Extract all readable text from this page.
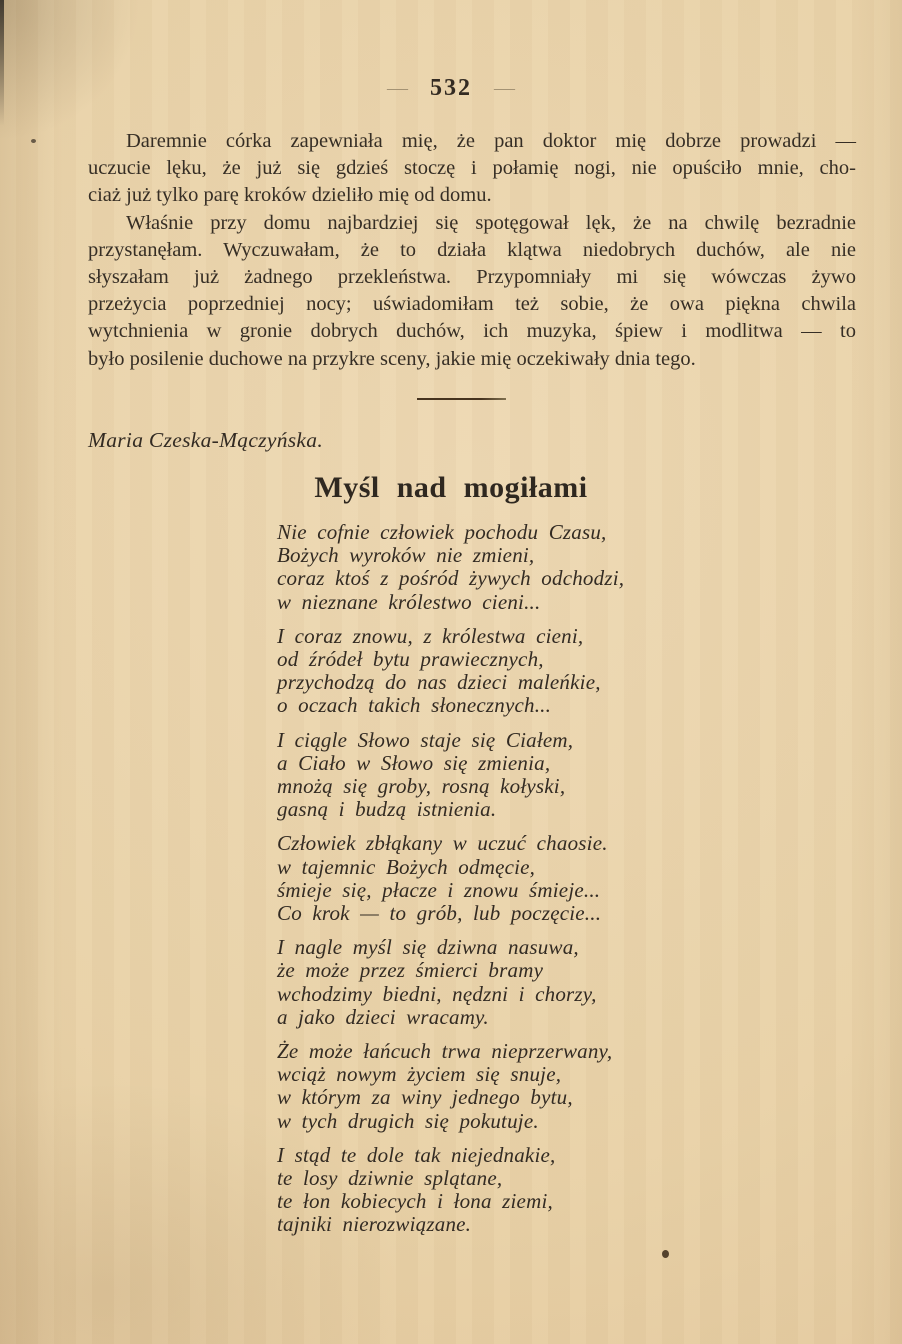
— 532 —
Daremnie córka zapewniała mię, że pan doktor mię dobrze prowadzi —
uczucie lęku, że już się gdzieś stoczę i połamię nogi, nie opuściło mnie, cho-
ciaż już tylko parę kroków dzieliło mię od domu.
Właśnie przy domu najbardziej się spotęgował lęk, że na chwilę bezradnie
przystanęłam. Wyczuwałam, że to działa klątwa niedobrych duchów, ale nie
słyszałam już żadnego przekleństwa. Przypomniały mi się wówczas żywo
przeżycia poprzedniej nocy; uświadomiłam też sobie, że owa piękna chwila
wytchnienia w gronie dobrych duchów, ich muzyka, śpiew i modlitwa — to
było posilenie duchowe na przykre sceny, jakie mię oczekiwały dnia tego.
Maria Czeska-Mączyńska.
Myśl nad mogiłami
Nie cofnie człowiek pochodu Czasu,
Bożych wyroków nie zmieni,
coraz ktoś z pośród żywych odchodzi,
w nieznane królestwo cieni...
I coraz znowu, z królestwa cieni,
od źródeł bytu prawiecznych,
przychodzą do nas dzieci maleńkie,
o oczach takich słonecznych...
I ciągle Słowo staje się Ciałem,
a Ciało w Słowo się zmienia,
mnożą się groby, rosną kołyski,
gasną i budzą istnienia.
Człowiek zbłąkany w uczuć chaosie.
w tajemnic Bożych odmęcie,
śmieje się, płacze i znowu śmieje...
Co krok — to grób, lub poczęcie...
I nagle myśl się dziwna nasuwa,
że może przez śmierci bramy
wchodzimy biedni, nędzni i chorzy,
a jako dzieci wracamy.
Że może łańcuch trwa nieprzerwany,
wciąż nowym życiem się snuje,
w którym za winy jednego bytu,
w tych drugich się pokutuje.
I stąd te dole tak niejednakie,
te losy dziwnie splątane,
te łon kobiecych i łona ziemi,
tajniki nierozwiązane.
